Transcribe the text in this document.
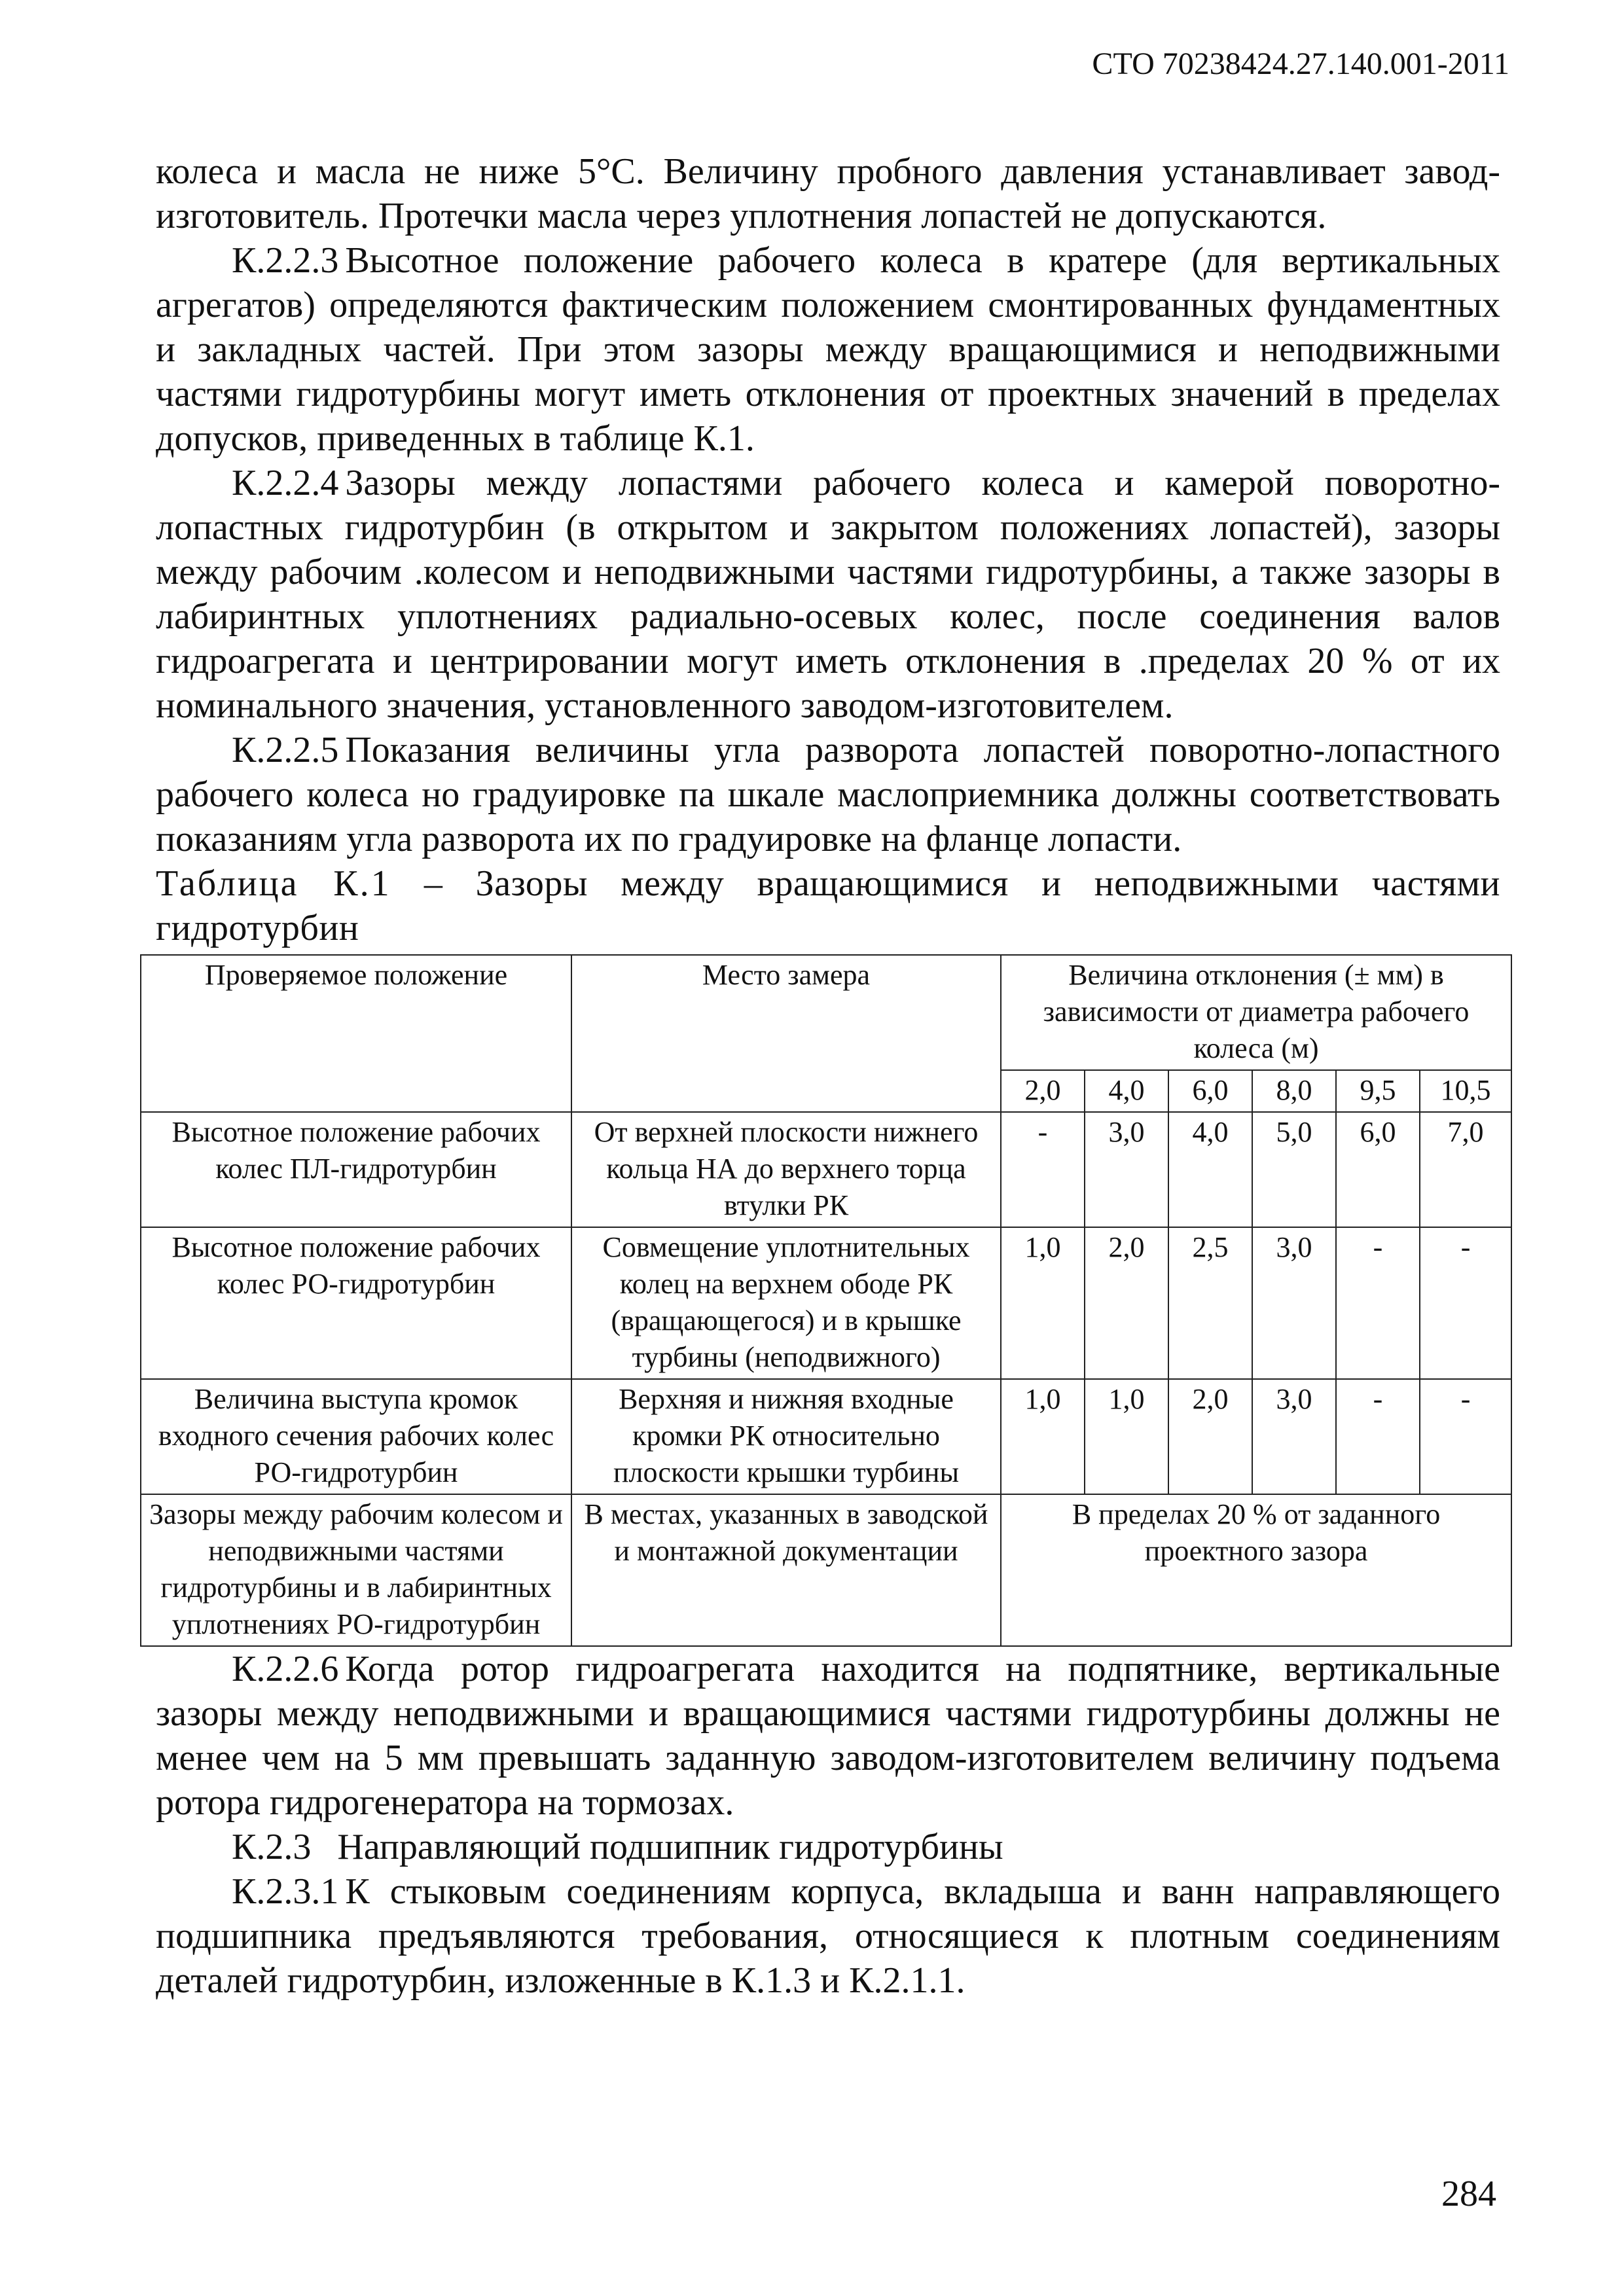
СТО 70238424.27.140.001-2011

колеса и масла не ниже 5°С. Величину пробного давления устанавливает завод-изготовитель. Протечки масла через уплотнения лопастей не допускаются.

К.2.2.3 Высотное положение рабочего колеса в кратере (для вертикальных агрегатов) определяются фактическим положением смонтированных фундаментных и закладных частей. При этом зазоры между вращающимися и неподвижными частями гидротурбины могут иметь отклонения от проектных значений в пределах допусков, приведенных в таблице К.1.

К.2.2.4 Зазоры между лопастями рабочего колеса и камерой поворотно-лопастных гидротурбин (в открытом и закрытом положениях лопастей), зазоры между рабочим .колесом и неподвижными частями гидротурбины, а также зазоры в лабиринтных уплотнениях радиально-осевых колес, после соединения валов гидроагрегата и центрировании могут иметь отклонения в .пределах 20 % от их номинального значения, установленного заводом-изготовителем.

К.2.2.5 Показания величины угла разворота лопастей поворотно-лопастного рабочего колеса но градуировке па шкале маслоприемника должны соответствовать показаниям угла разворота их по градуировке на фланце лопасти.

Таблица К.1 – Зазоры между вращающимися и неподвижными частями гидротурбин

Проверяемое положение	Место замера	Величина отклонения (± мм) в зависимости от диаметра рабочего колеса (м)					
		2,0	4,0	6,0	8,0	9,5	10,5
Высотное положение рабочих колес ПЛ-гидротурбин	От верхней плоскости нижнего кольца НА до верхнего торца втулки РК	-	3,0	4,0	5,0	6,0	7,0
Высотное положение рабочих колес РО-гидротурбин	Совмещение уплотнительных колец на верхнем ободе РК (вращающегося) и в крышке турбины (неподвижного)	1,0	2,0	2,5	3,0	-	-
Величина выступа кромок входного сечения рабочих колес РО-гидротурбин	Верхняя и нижняя входные кромки РК относительно плоскости крышки турбины	1,0	1,0	2,0	3,0	-	-
Зазоры между рабочим колесом и неподвижными частями гидротурбины и в лабиринтных уплотнениях РО-гидротурбин	В местах, указанных в заводской и монтажной документации	В пределах 20 % от заданного проектного зазора					

К.2.2.6 Когда ротор гидроагрегата находится на подпятнике, вертикальные зазоры между неподвижными и вращающимися частями гидротурбины должны не менее чем на 5 мм превышать заданную заводом-изготовителем величину подъема ротора гидрогенератора на тормозах.

К.2.3 Направляющий подшипник гидротурбины

К.2.3.1 К стыковым соединениям корпуса, вкладыша и ванн направляющего подшипника предъявляются требования, относящиеся к плотным соединениям деталей гидротурбин, изложенные в К.1.3 и К.2.1.1.

284
